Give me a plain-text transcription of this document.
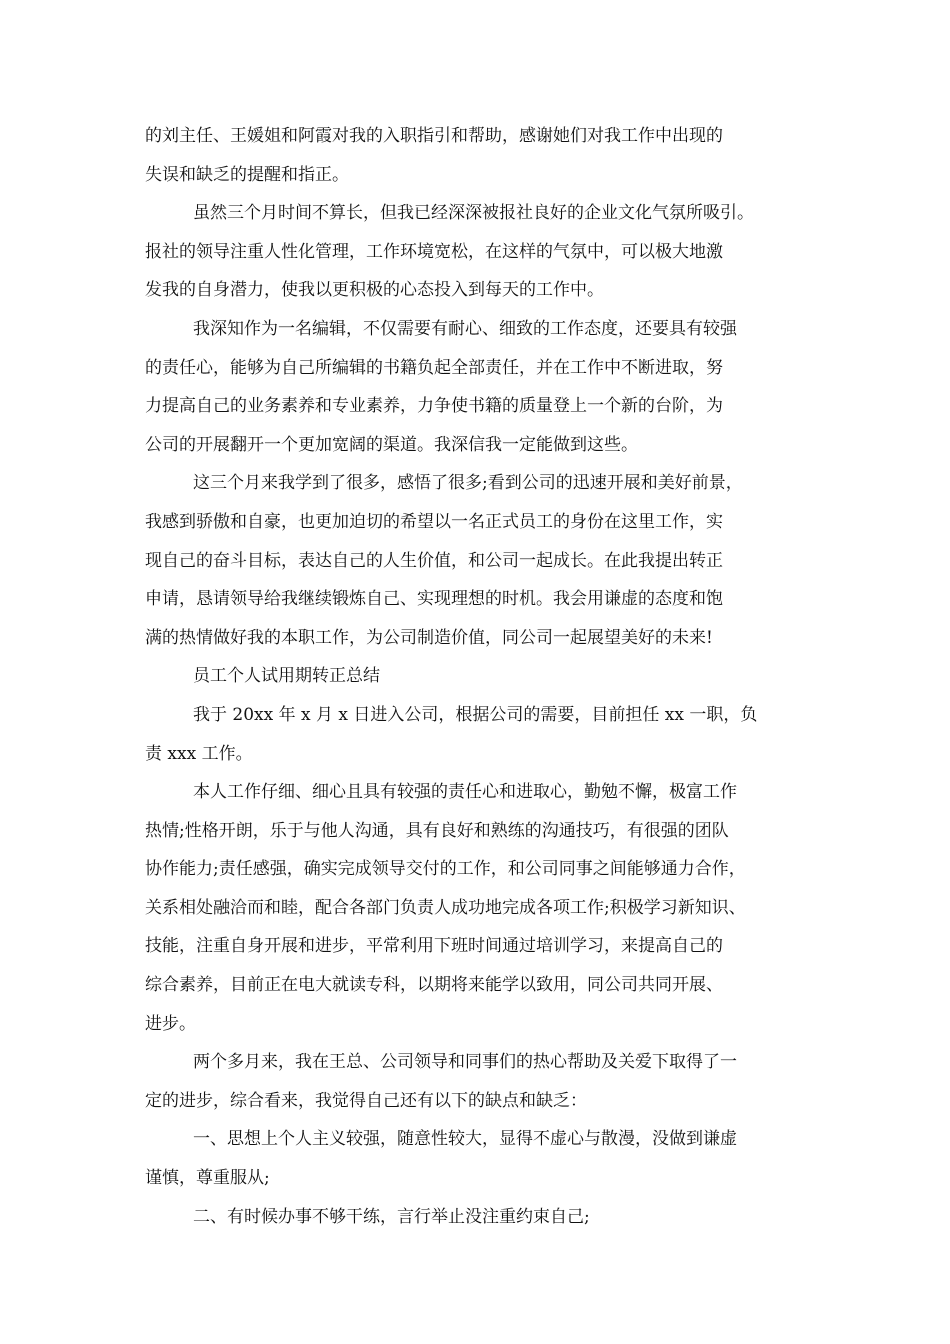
的刘主任、王媛姐和阿霞对我的入职指引和帮助，感谢她们对我工作中出现的
失误和缺乏的提醒和指正。
虽然三个月时间不算长，但我已经深深被报社良好的企业文化气氛所吸引。
报社的领导注重人性化管理，工作环境宽松，在这样的气氛中，可以极大地激
发我的自身潜力，使我以更积极的心态投入到每天的工作中。
我深知作为一名编辑，不仅需要有耐心、细致的工作态度，还要具有较强
的责任心，能够为自己所编辑的书籍负起全部责任，并在工作中不断进取，努
力提高自己的业务素养和专业素养，力争使书籍的质量登上一个新的台阶，为
公司的开展翻开一个更加宽阔的渠道。我深信我一定能做到这些。
这三个月来我学到了很多，感悟了很多;看到公司的迅速开展和美好前景，
我感到骄傲和自豪，也更加迫切的希望以一名正式员工的身份在这里工作，实
现自己的奋斗目标，表达自己的人生价值，和公司一起成长。在此我提出转正
申请，恳请领导给我继续锻炼自己、实现理想的时机。我会用谦虚的态度和饱
满的热情做好我的本职工作，为公司制造价值，同公司一起展望美好的未来!
员工个人试用期转正总结
我于 20xx 年 x 月 x 日进入公司，根据公司的需要，目前担任 xx 一职，负
责 xxx 工作。
本人工作仔细、细心且具有较强的责任心和进取心，勤勉不懈，极富工作
热情;性格开朗，乐于与他人沟通，具有良好和熟练的沟通技巧，有很强的团队
协作能力;责任感强，确实完成领导交付的工作，和公司同事之间能够通力合作，
关系相处融洽而和睦，配合各部门负责人成功地完成各项工作;积极学习新知识、
技能，注重自身开展和进步，平常利用下班时间通过培训学习，来提高自己的
综合素养，目前正在电大就读专科，以期将来能学以致用，同公司共同开展、
进步。
两个多月来，我在王总、公司领导和同事们的热心帮助及关爱下取得了一
定的进步，综合看来，我觉得自己还有以下的缺点和缺乏：
一、思想上个人主义较强，随意性较大，显得不虚心与散漫，没做到谦虚
谨慎，尊重服从;
二、有时候办事不够干练，言行举止没注重约束自己;
